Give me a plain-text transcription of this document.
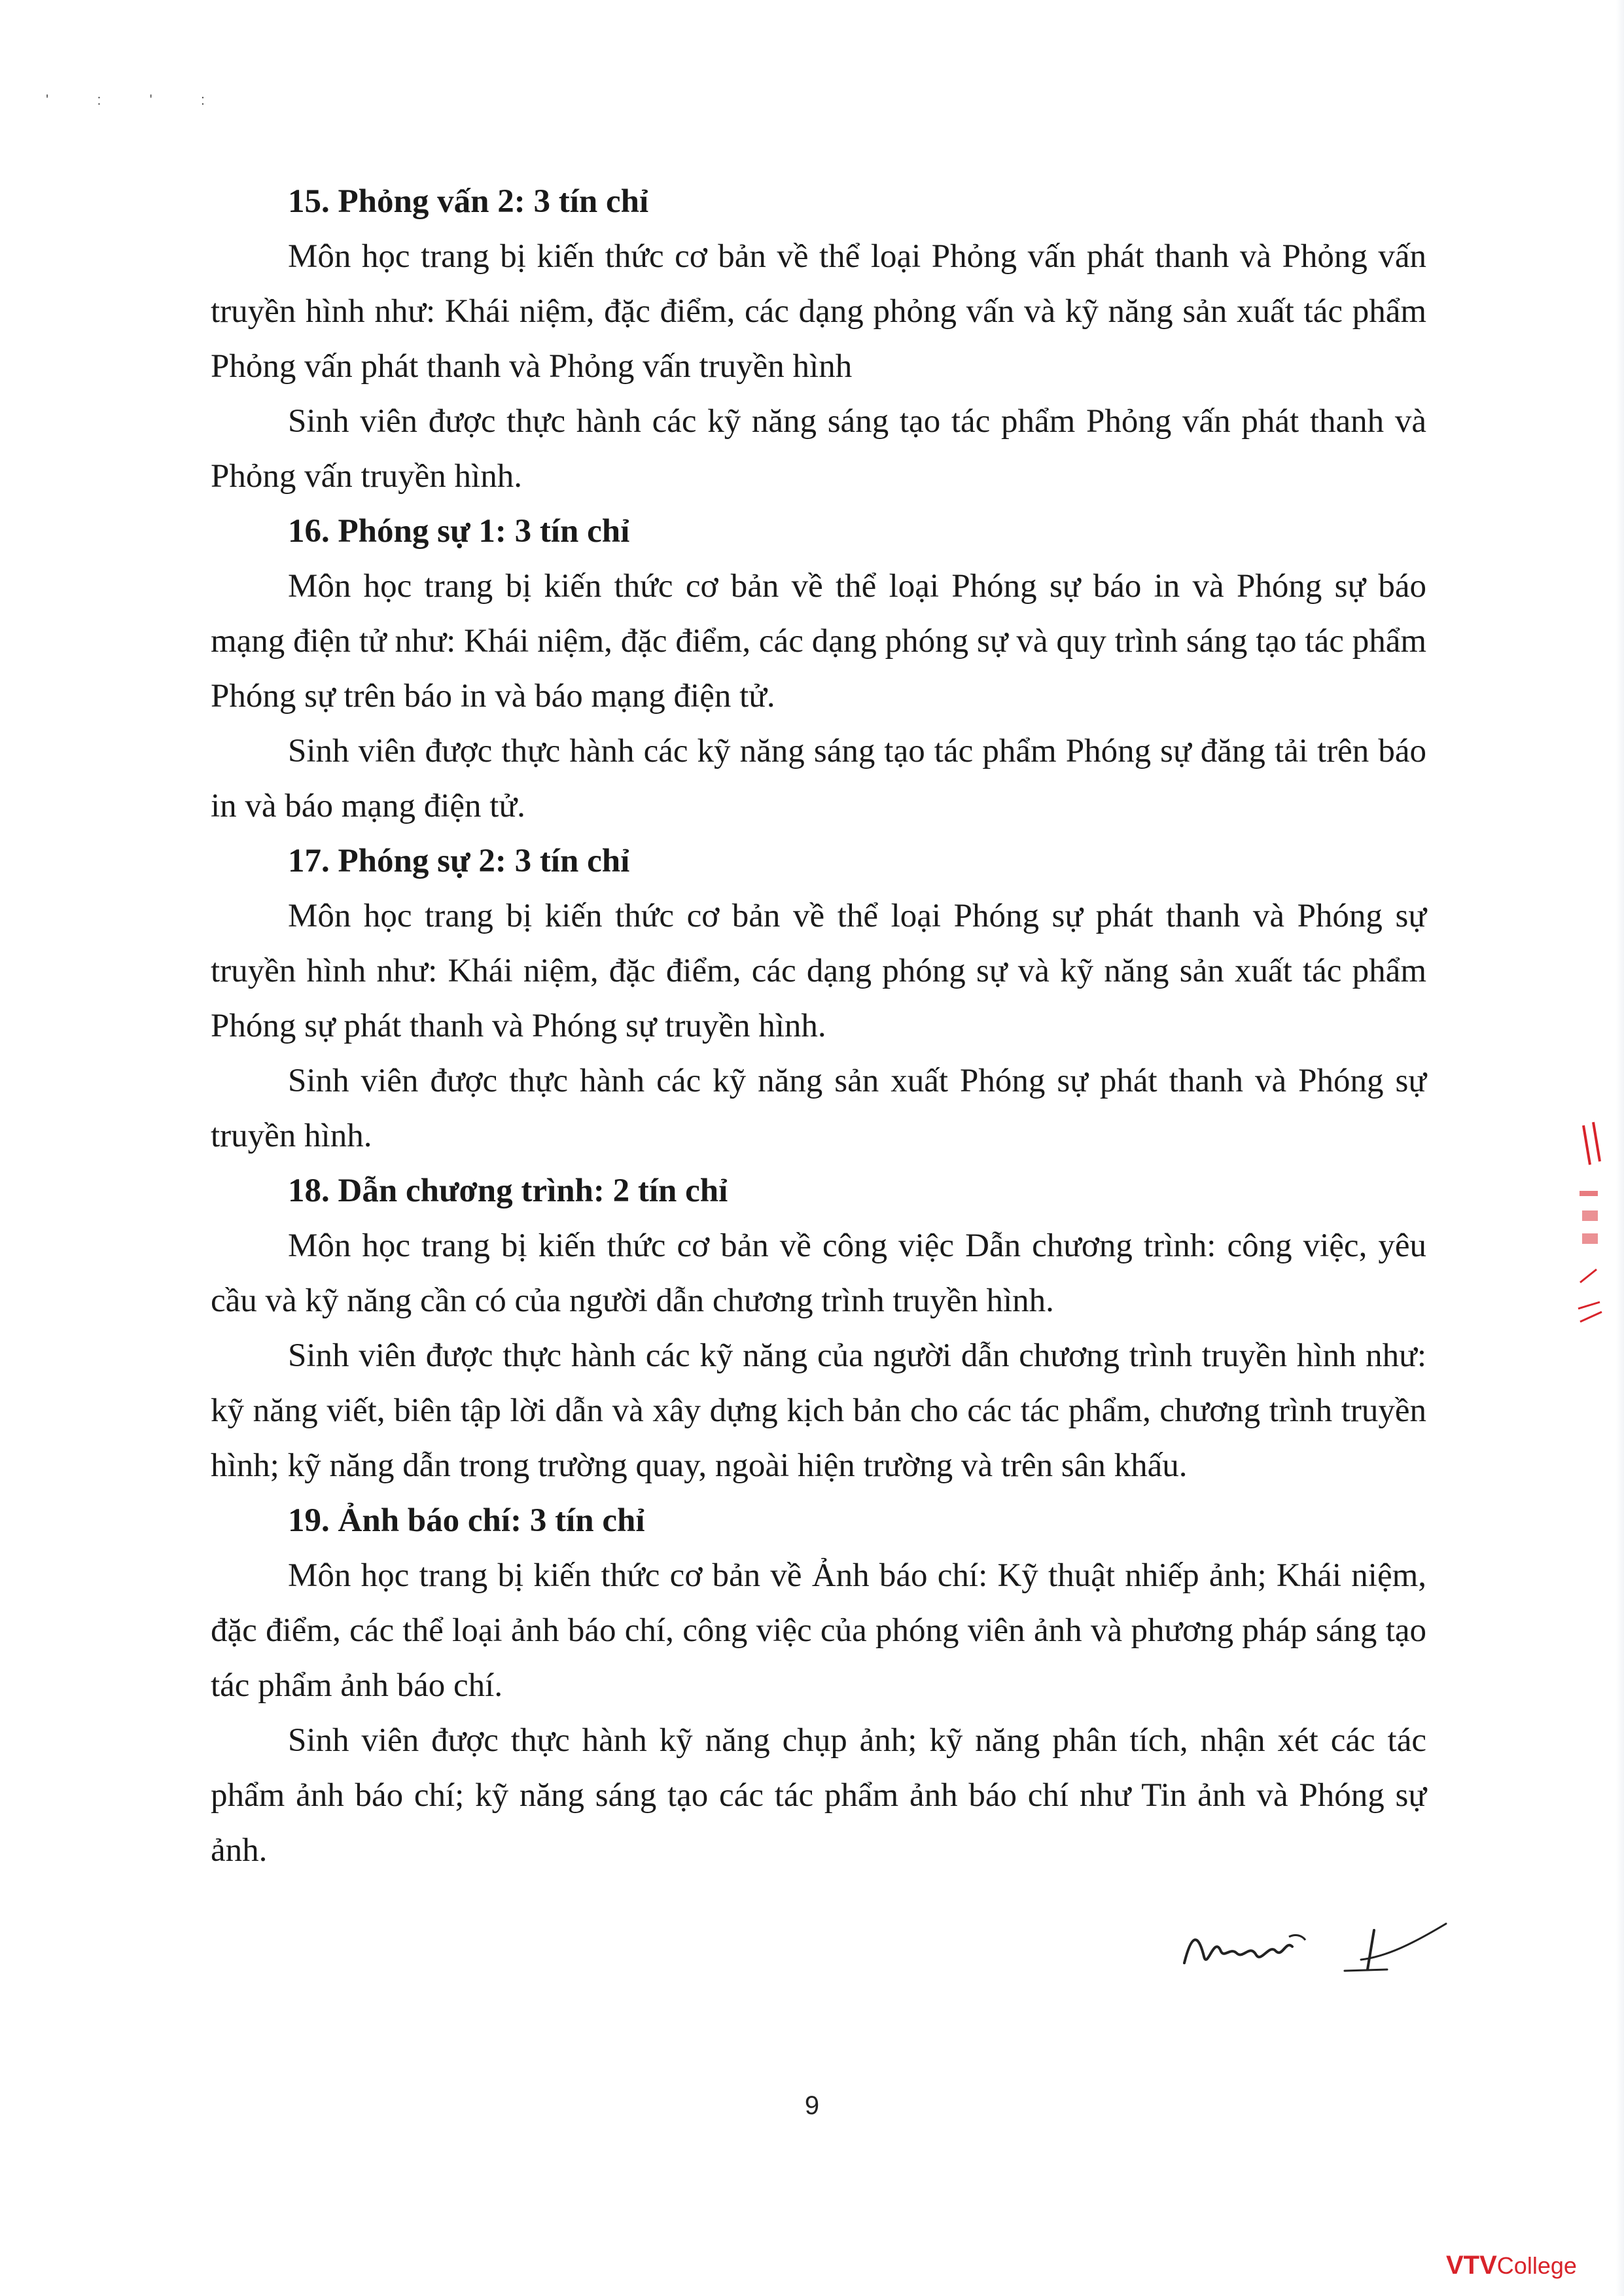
' : ' :

15. Phỏng vấn 2: 3 tín chỉ

Môn học trang bị kiến thức cơ bản về thể loại Phỏng vấn phát thanh và Phỏng vấn truyền hình như: Khái niệm, đặc điểm, các dạng phỏng vấn và kỹ năng sản xuất tác phẩm Phỏng vấn phát thanh và Phỏng vấn truyền hình

Sinh viên được thực hành các kỹ năng sáng tạo tác phẩm Phỏng vấn phát thanh và Phỏng vấn truyền hình.

16. Phóng sự 1: 3 tín chỉ

Môn học trang bị kiến thức cơ bản về thể loại Phóng sự báo in và Phóng sự báo mạng điện tử như: Khái niệm, đặc điểm, các dạng phóng sự và quy trình sáng tạo tác phẩm Phóng sự trên báo in và báo mạng điện tử.

Sinh viên được thực hành các kỹ năng sáng tạo tác phẩm Phóng sự đăng tải trên báo in và báo mạng điện tử.

17. Phóng sự 2: 3 tín chỉ

Môn học trang bị kiến thức cơ bản về thể loại Phóng sự phát thanh và Phóng sự truyền hình như: Khái niệm, đặc điểm, các dạng phóng sự và kỹ năng sản xuất tác phẩm Phóng sự phát thanh và Phóng sự truyền hình.

Sinh viên được thực hành các kỹ năng sản xuất Phóng sự phát thanh và Phóng sự truyền hình.

18. Dẫn chương trình: 2 tín chỉ

Môn học trang bị kiến thức cơ bản về công việc Dẫn chương trình: công việc, yêu cầu và kỹ năng cần có của người dẫn chương trình truyền hình.

Sinh viên được thực hành các kỹ năng của người dẫn chương trình truyền hình như: kỹ năng viết, biên tập lời dẫn và xây dựng kịch bản cho các tác phẩm, chương trình truyền hình; kỹ năng dẫn trong trường quay, ngoài hiện trường và trên sân khấu.

19. Ảnh báo chí: 3 tín chỉ

Môn học trang bị kiến thức cơ bản về Ảnh báo chí: Kỹ thuật nhiếp ảnh; Khái niệm, đặc điểm, các thể loại ảnh báo chí, công việc của phóng viên ảnh và phương pháp sáng tạo tác phẩm ảnh báo chí.

Sinh viên được thực hành kỹ năng chụp ảnh; kỹ năng phân tích, nhận xét các tác phẩm ảnh báo chí; kỹ năng sáng tạo các tác phẩm ảnh báo chí như Tin ảnh và Phóng sự ảnh.

9
VTVCollege
